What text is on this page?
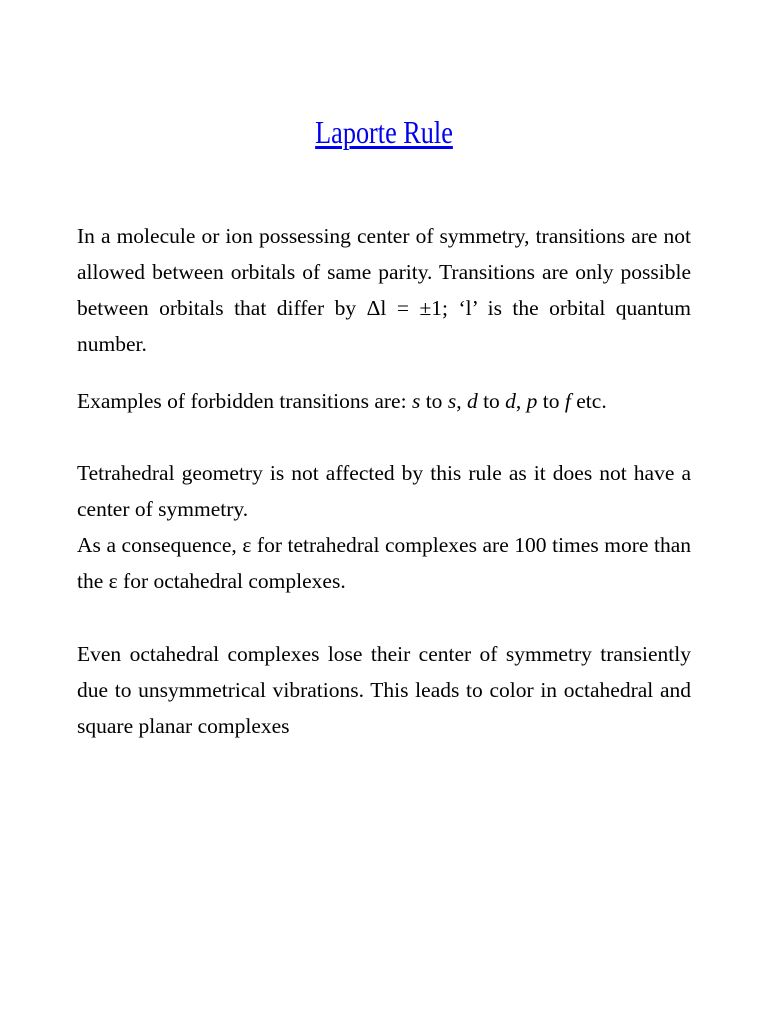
Laporte Rule

In a molecule or ion possessing center of symmetry, transitions are not allowed between orbitals of same parity. Transitions are only possible between orbitals that differ by Δl = ±1; ‘l’ is the orbital quantum number.

Examples of forbidden transitions are: s to s, d to d, p to f etc.

Tetrahedral geometry is not affected by this rule as it does not have a center of symmetry.

As a consequence, ε for tetrahedral complexes are 100 times more than the ε for octahedral complexes.

Even octahedral complexes lose their center of symmetry transiently due to unsymmetrical vibrations. This leads to color in octahedral and square planar complexes
